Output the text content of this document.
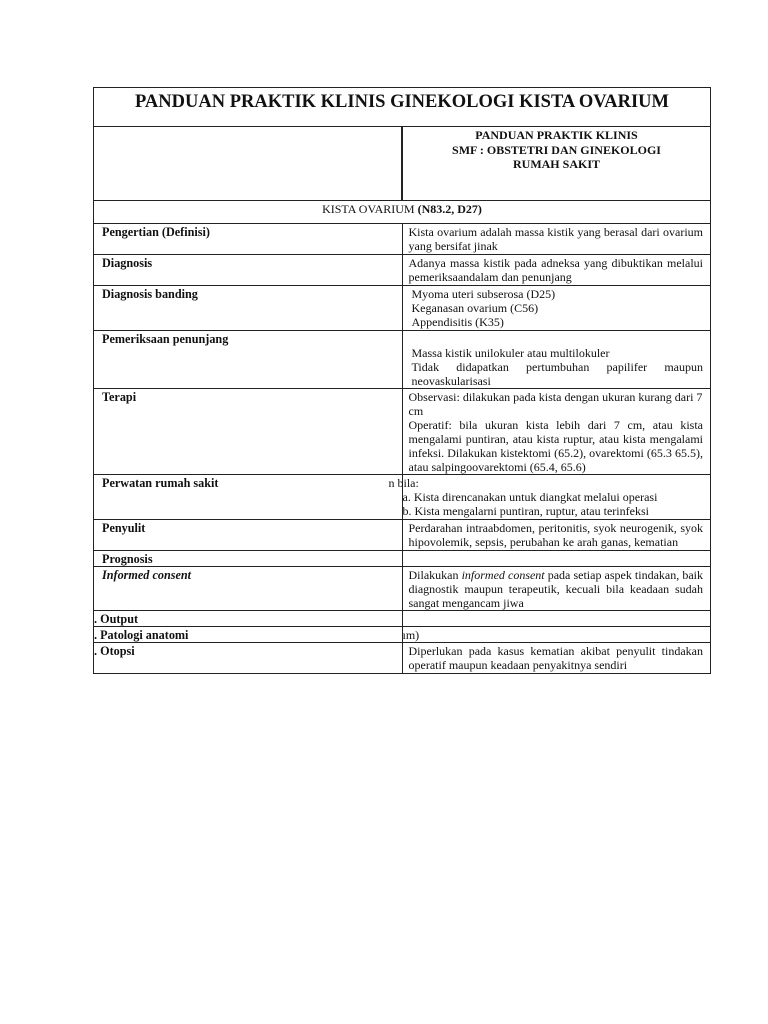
PANDUAN PRAKTIK KLINIS GINEKOLOGI KISTA OVARIUM	

	PANDUAN PRAKTIK KLINIS
SMF : OBSTETRI DAN GINEKOLOGI
RUMAH SAKIT

KISTA OVARIUM (N83.2, D27)	
Pengertian (Definisi)	Kista ovarium adalah massa kistik yang berasal dari ovarium yang bersifat jinak
Diagnosis	Adanya massa kistik pada adneksa yang dibuktikan melalui pemeriksaandalam dan penunjang
Diagnosis banding	Myoma uteri subserosa (D25)
Keganasan ovarium (C56)
Appendisitis (K35)

Pemeriksaan penunjang	Massa kistik unilokuler atau multilokuler
Tidak didapatkan pertumbuhan papilifer maupun neovaskularisasi

Terapi	Observasi: dilakukan pada kista dengan ukuran kurang dari 7 cm
Operatif: bila ukuran kista lebih dari 7 cm, atau kista mengalami puntiran, atau kista ruptur, atau kista mengalami infeksi. Dilakukan kistektomi (65.2), ovarektomi (65.3 65.5), atau salpingoovarektomi (65.4, 65.6)

Perwatan rumah sakit	n bila:
a. Kista direncanakan untuk diangkat melalui operasi
b. Kista mengalarni puntiran, ruptur, atau terinfeksi

Penyulit	Perdarahan intraabdomen, peritonitis, syok neurogenik, syok hipovolemik, sepsis, perubahan ke arah ganas, kematian
Prognosis	
Informed consent	Dilakukan informed consent pada setiap aspek tindakan, baik diagnostik maupun terapeutik, kecuali bila keadaan sudah sangat mengancam jiwa
. Output	
. Patologi anatomi	ım)
. Otopsi	Diperlukan pada kasus kematian akibat penyulit tindakan operatif maupun keadaan penyakitnya sendiri
